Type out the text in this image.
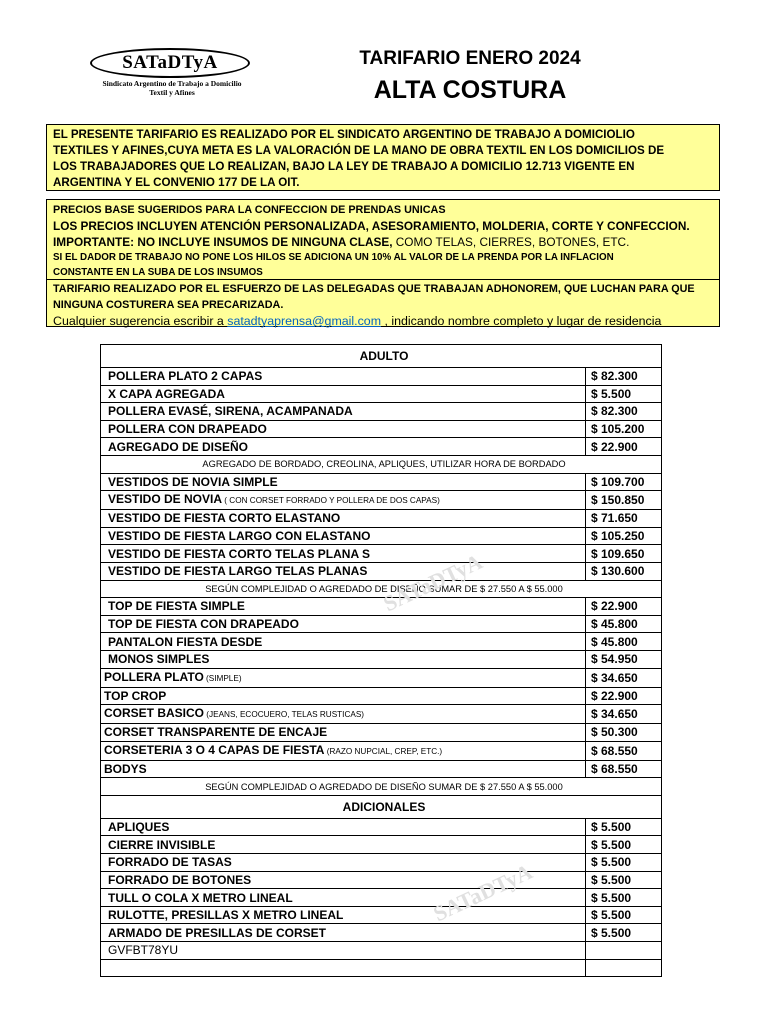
SATaDTyA
Sindicato Argentino de Trabajo a Domicilio
Textil y Afines
TARIFARIO ENERO 2024
ALTA COSTURA
EL PRESENTE TARIFARIO ES REALIZADO POR EL SINDICATO ARGENTINO DE TRABAJO A DOMICIOLIO
TEXTILES Y AFINES,CUYA META ES LA VALORACIÓN DE LA MANO DE OBRA TEXTIL EN LOS DOMICILIOS DE
LOS TRABAJADORES QUE LO REALIZAN, BAJO LA LEY DE TRABAJO A DOMICILIO 12.713 VIGENTE EN
ARGENTINA Y EL CONVENIO 177 DE LA OIT.
PRECIOS BASE SUGERIDOS PARA LA CONFECCION DE PRENDAS UNICAS
LOS PRECIOS INCLUYEN ATENCIÓN PERSONALIZADA, ASESORAMIENTO, MOLDERIA, CORTE Y CONFECCION.
IMPORTANTE: NO INCLUYE INSUMOS DE NINGUNA CLASE, COMO TELAS, CIERRES, BOTONES, ETC.
SI EL DADOR DE TRABAJO NO PONE LOS HILOS SE ADICIONA UN 10% AL VALOR DE LA PRENDA POR LA INFLACION
CONSTANTE EN LA SUBA DE LOS INSUMOS
TARIFARIO REALIZADO POR EL ESFUERZO DE LAS DELEGADAS QUE TRABAJAN ADHONOREM, QUE LUCHAN PARA QUE
NINGUNA COSTURERA SEA PRECARIZADA.
Cualquier sugerencia escribir a satadtyaprensa@gmail.com , indicando nombre completo y lugar de residencia
ADULTO	
POLLERA PLATO 2 CAPAS	$ 82.300
X CAPA AGREGADA	$ 5.500
POLLERA EVASÉ, SIRENA, ACAMPANADA	$ 82.300
POLLERA CON DRAPEADO	$ 105.200
AGREGADO DE DISEÑO	$ 22.900
AGREGADO DE BORDADO, CREOLINA, APLIQUES, UTILIZAR HORA DE BORDADO	
VESTIDOS DE NOVIA SIMPLE	$ 109.700
VESTIDO DE NOVIA ( CON CORSET FORRADO Y POLLERA DE DOS CAPAS)	$ 150.850
VESTIDO DE FIESTA CORTO ELASTANO	$ 71.650
VESTIDO DE FIESTA LARGO CON ELASTANO	$ 105.250
VESTIDO DE FIESTA CORTO TELAS PLANA S	$ 109.650
VESTIDO DE FIESTA LARGO TELAS PLANAS	$ 130.600
SEGÚN COMPLEJIDAD O AGREDADO DE DISEÑO SUMAR DE $ 27.550 A $ 55.000	
TOP DE FIESTA SIMPLE	$ 22.900
TOP DE FIESTA CON DRAPEADO	$ 45.800
PANTALON FIESTA DESDE	$ 45.800
MONOS SIMPLES	$ 54.950
POLLERA PLATO (SIMPLE)	$ 34.650
TOP CROP	$ 22.900
CORSET BASICO (JEANS, ECOCUERO, TELAS RUSTICAS)	$ 34.650
CORSET TRANSPARENTE DE ENCAJE	$ 50.300
CORSETERIA 3 O 4 CAPAS DE FIESTA (RAZO NUPCIAL, CREP, ETC.)	$ 68.550
BODYS	$ 68.550
SEGÚN COMPLEJIDAD O AGREDADO DE DISEÑO SUMAR DE $ 27.550 A $ 55.000	
ADICIONALES	
APLIQUES	$ 5.500
CIERRE INVISIBLE	$ 5.500
FORRADO DE TASAS	$ 5.500
FORRADO DE BOTONES	$ 5.500
TULL O COLA X METRO LINEAL	$ 5.500
RULOTTE, PRESILLAS X METRO LINEAL	$ 5.500
ARMADO DE PRESILLAS DE CORSET	$ 5.500
GVFBT78YU	

SATaDTyA
SATaDTyA
